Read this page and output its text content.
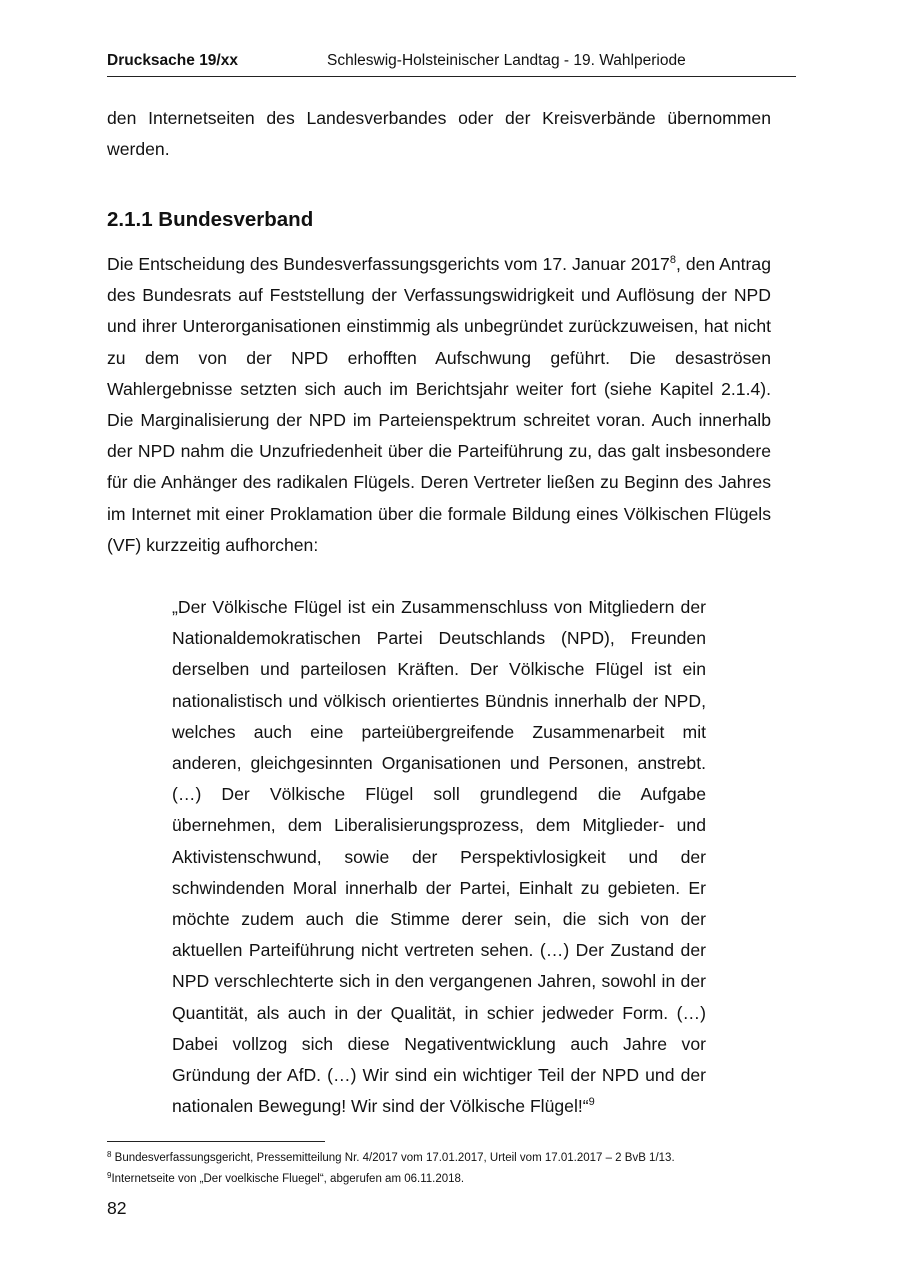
Drucksache 19/xx	Schleswig-Holsteinischer Landtag - 19. Wahlperiode

den Internetseiten des Landesverbandes oder der Kreisverbände übernommen werden.

2.1.1 Bundesverband

Die Entscheidung des Bundesverfassungsgerichts vom 17. Januar 2017$^8$, den Antrag des Bundesrats auf Feststellung der Verfassungswidrigkeit und Auflösung der NPD und ihrer Unterorganisationen einstimmig als unbegründet zurückzuweisen, hat nicht zu dem von der NPD erhofften Aufschwung geführt. Die desaströsen Wahlergebnisse setzten sich auch im Berichtsjahr weiter fort (siehe Kapitel 2.1.4). Die Marginalisierung der NPD im Parteienspektrum schreitet voran. Auch innerhalb der NPD nahm die Unzufriedenheit über die Parteiführung zu, das galt insbesondere für die Anhänger des radikalen Flügels. Deren Vertreter ließen zu Beginn des Jahres im Internet mit einer Proklamation über die formale Bildung eines Völkischen Flügels (VF) kurzzeitig aufhorchen:

„Der Völkische Flügel ist ein Zusammenschluss von Mitgliedern der Nationaldemokratischen Partei Deutschlands (NPD), Freunden derselben und parteilosen Kräften. Der Völkische Flügel ist ein nationalistisch und völkisch orientiertes Bündnis innerhalb der NPD, welches auch eine parteiübergreifende Zusammenarbeit mit anderen, gleichgesinnten Organisationen und Personen, anstrebt. (…) Der Völkische Flügel soll grundlegend die Aufgabe übernehmen, dem Liberalisierungsprozess, dem Mitglieder- und Aktivistenschwund, sowie der Perspektivlosigkeit und der schwindenden Moral innerhalb der Partei, Einhalt zu gebieten. Er möchte zudem auch die Stimme derer sein, die sich von der aktuellen Parteiführung nicht vertreten sehen. (…) Der Zustand der NPD verschlechterte sich in den vergangenen Jahren, sowohl in der Quantität, als auch in der Qualität, in schier jedweder Form. (…) Dabei vollzog sich diese Negativentwicklung auch Jahre vor Gründung der AfD. (…) Wir sind ein wichtiger Teil der NPD und der nationalen Bewegung! Wir sind der Völkische Flügel!“$^9$

$^8$ Bundesverfassungsgericht, Pressemitteilung Nr. 4/2017 vom 17.01.2017, Urteil vom 17.01.2017 – 2 BvB 1/13.

$^9$Internetseite von „Der voelkische Fluegel“, abgerufen am 06.11.2018.

82
